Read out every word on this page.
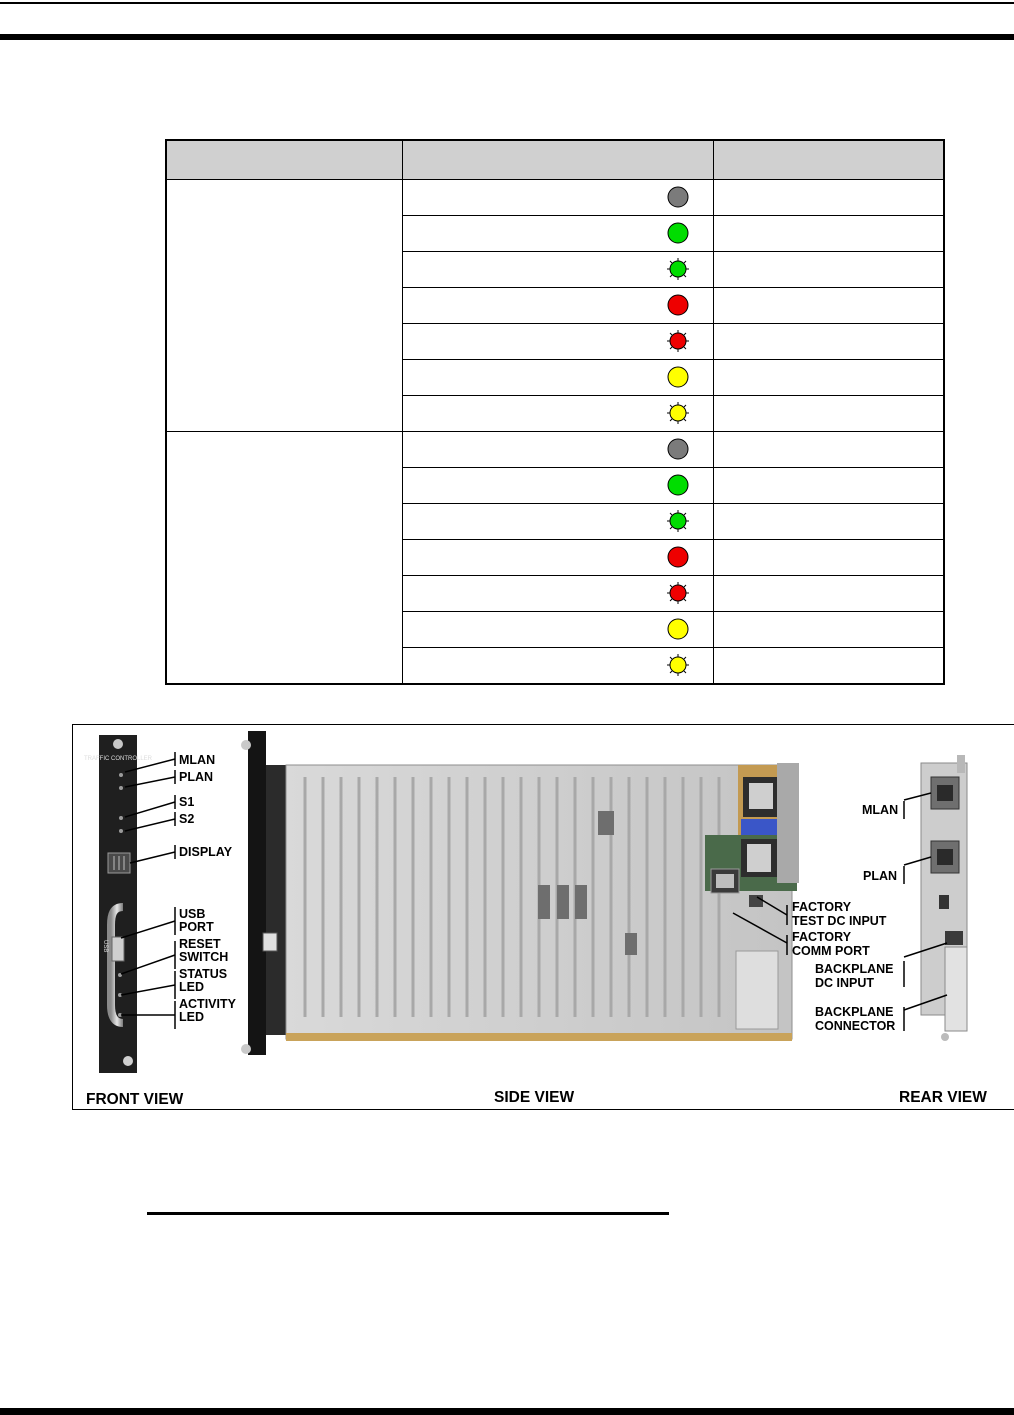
TRAFFIC CONTROLLER
USB
MLAN
PLAN
S1
S2
DISPLAY
USB
PORT
RESET
SWITCH
STATUS
LED
ACTIVITY
LED
FRONT VIEW
FACTORY
TEST DC INPUT
FACTORY
COMM PORT
SIDE VIEW
MLAN
PLAN
BACKPLANE
DC INPUT
BACKPLANE
CONNECTOR
REAR VIEW
